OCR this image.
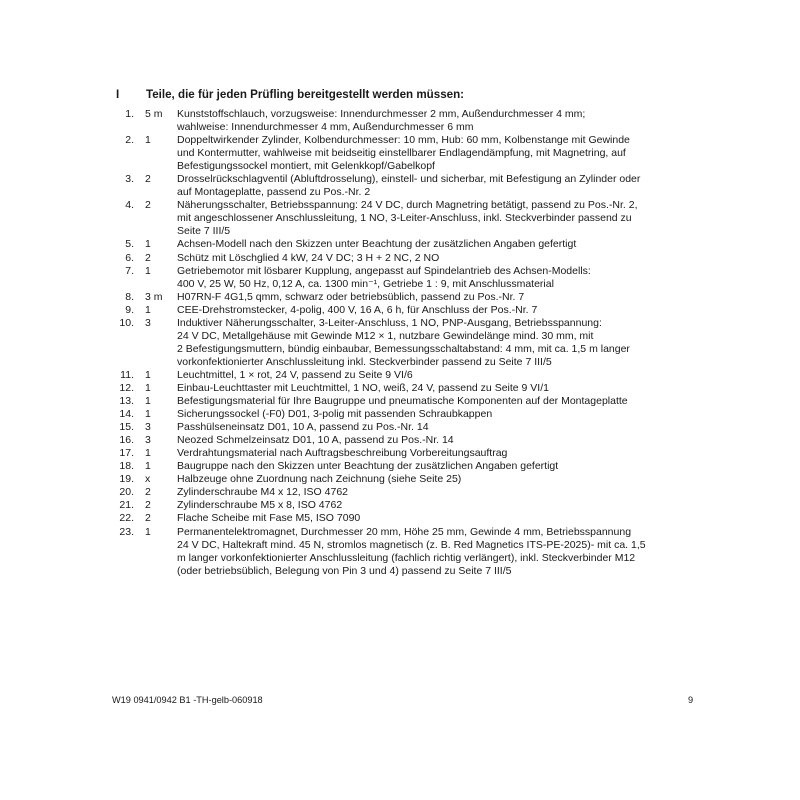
I Teile, die für jeden Prüfling bereitgestellt werden müssen:
1. 5 m Kunststoffschlauch, vorzugsweise: Innendurchmesser 2 mm, Außendurchmesser 4 mm;
wahlweise: Innendurchmesser 4 mm, Außendurchmesser 6 mm
2. 1 Doppeltwirkender Zylinder, Kolbendurchmesser: 10 mm, Hub: 60 mm, Kolbenstange mit Gewinde
und Kontermutter, wahlweise mit beidseitig einstellbarer Endlagendämpfung, mit Magnetring, auf
Befestigungssockel montiert, mit Gelenkkopf/Gabelkopf
3. 2 Drosselrückschlagventil (Abluftdrosselung), einstell- und sicherbar, mit Befestigung an Zylinder oder
auf Montageplatte, passend zu Pos.-Nr. 2
4. 2 Näherungsschalter, Betriebsspannung: 24 V DC, durch Magnetring betätigt, passend zu Pos.-Nr. 2,
mit angeschlossener Anschlussleitung, 1 NO, 3-Leiter-Anschluss, inkl. Steckverbinder passend zu
Seite 7 III/5
5. 1 Achsen-Modell nach den Skizzen unter Beachtung der zusätzlichen Angaben gefertigt
6. 2 Schütz mit Löschglied 4 kW, 24 V DC; 3 H + 2 NC, 2 NO
7. 1 Getriebemotor mit lösbarer Kupplung, angepasst auf Spindelantrieb des Achsen-Modells:
400 V, 25 W, 50 Hz, 0,12 A, ca. 1300 min⁻¹, Getriebe 1 : 9, mit Anschlussmaterial
8. 3 m H07RN-F 4G1,5 qmm, schwarz oder betriebsüblich, passend zu Pos.-Nr. 7
9. 1 CEE-Drehstromstecker, 4-polig, 400 V, 16 A, 6 h, für Anschluss der Pos.-Nr. 7
10. 3 Induktiver Näherungsschalter, 3-Leiter-Anschluss, 1 NO, PNP-Ausgang, Betriebsspannung:
24 V DC, Metallgehäuse mit Gewinde M12 × 1, nutzbare Gewindelänge mind. 30 mm, mit
2 Befestigungsmuttern, bündig einbaubar, Bemessungsschaltabstand: 4 mm, mit ca. 1,5 m langer
vorkonfektionierter Anschlussleitung inkl. Steckverbinder passend zu Seite 7 III/5
11. 1 Leuchtmittel, 1 × rot, 24 V, passend zu Seite 9 VI/6
12. 1 Einbau-Leuchttaster mit Leuchtmittel, 1 NO, weiß, 24 V, passend zu Seite 9 VI/1
13. 1 Befestigungsmaterial für Ihre Baugruppe und pneumatische Komponenten auf der Montageplatte
14. 1 Sicherungssockel (-F0) D01, 3-polig mit passenden Schraubkappen
15. 3 Passhülseneinsatz D01, 10 A, passend zu Pos.-Nr. 14
16. 3 Neozed Schmelzeinsatz D01, 10 A, passend zu Pos.-Nr. 14
17. 1 Verdrahtungsmaterial nach Auftragsbeschreibung Vorbereitungsauftrag
18. 1 Baugruppe nach den Skizzen unter Beachtung der zusätzlichen Angaben gefertigt
19. x	Halbzeuge ohne Zuordnung nach Zeichnung (siehe Seite 25)
20. 2 Zylinderschraube M4 x 12, ISO 4762
21. 2 Zylinderschraube M5 x 8, ISO 4762
22. 2 Flache Scheibe mit Fase M5, ISO 7090
23. 1 Permanentelektromagnet, Durchmesser 20 mm, Höhe 25 mm, Gewinde 4 mm, Betriebsspannung
24 V DC, Haltekraft mind. 45 N, stromlos magnetisch (z. B. Red Magnetics ITS-PE-2025)- mit ca. 1,5
m langer vorkonfektionierter Anschlussleitung (fachlich richtig verlängert), inkl. Steckverbinder M12
(oder betriebsüblich, Belegung von Pin 3 und 4) passend zu Seite 7 III/5
W19 0941/0942 B1 -TH-gelb-060918	9
